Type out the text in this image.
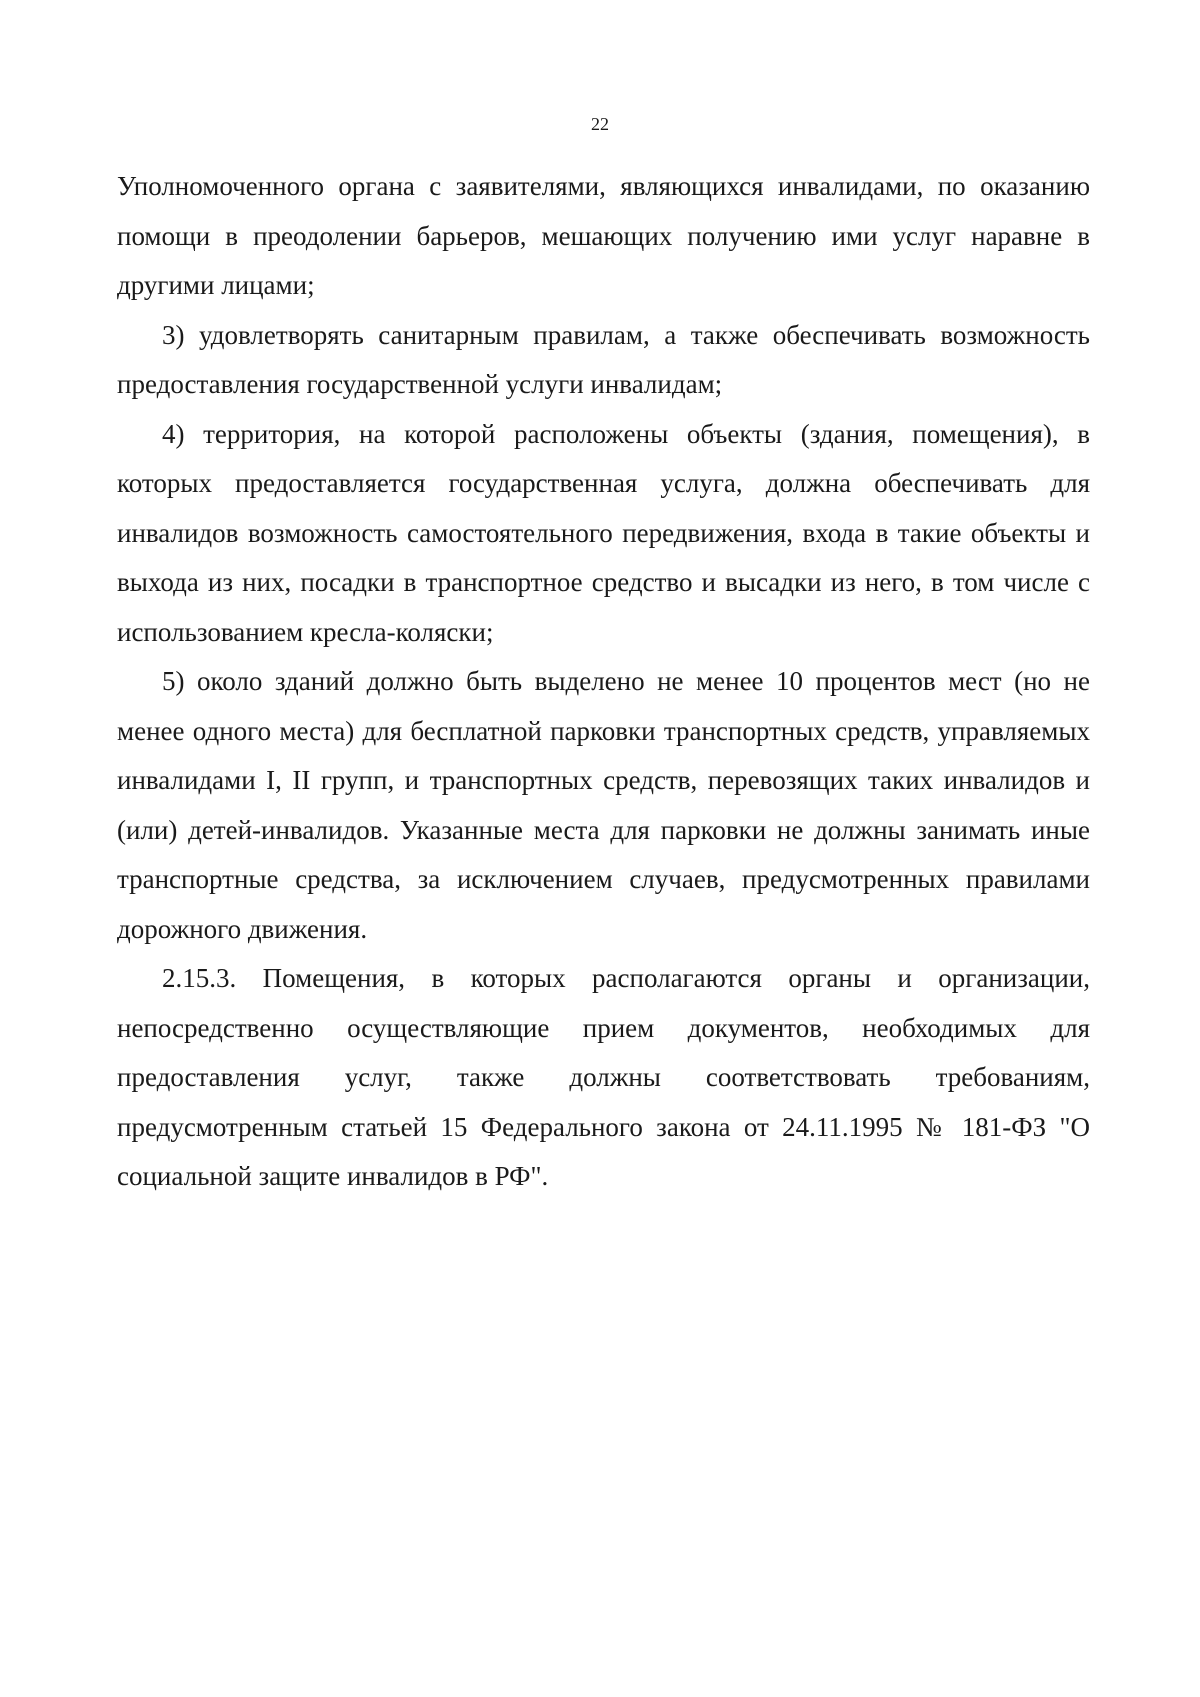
22

Уполномоченного органа с заявителями, являющихся инвалидами, по оказанию помощи в преодолении барьеров, мешающих получению ими услуг наравне в другими лицами;

3) удовлетворять санитарным правилам, а также обеспечивать возможность предоставления государственной услуги инвалидам;

4) территория, на которой расположены объекты (здания, помещения), в которых предоставляется государственная услуга, должна обеспечивать для инвалидов возможность самостоятельного передвижения, входа в такие объекты и выхода из них, посадки в транспортное средство и высадки из него, в том числе с использованием кресла-коляски;

5) около зданий должно быть выделено не менее 10 процентов мест (но не менее одного места) для бесплатной парковки транспортных средств, управляемых инвалидами I, II групп, и транспортных средств, перевозящих таких инвалидов и (или) детей-инвалидов. Указанные места для парковки не должны занимать иные транспортные средства, за исключением случаев, предусмотренных правилами дорожного движения.

2.15.3. Помещения, в которых располагаются органы и организации, непосредственно осуществляющие прием документов, необходимых для предоставления услуг, также должны соответствовать требованиям, предусмотренным статьей 15 Федерального закона от 24.11.1995 № 181-ФЗ "О социальной защите инвалидов в РФ".
